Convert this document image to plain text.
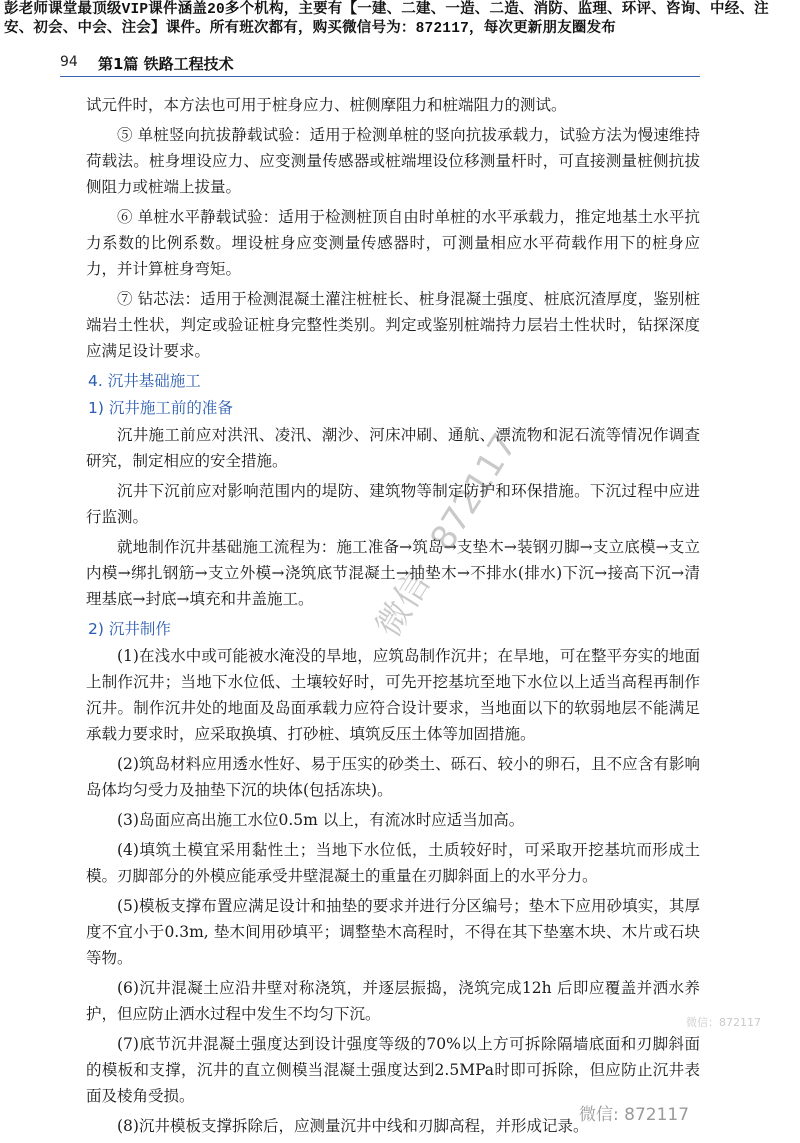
彭老师课堂最顶级VIP课件涵盖20多个机构，主要有【一建、二建、一造、二造、消防、监理、环评、咨询、中经、注安、初会、中会、注会】课件。所有班次都有，购买微信号为：872117，每次更新朋友圈发布
94 第1篇 铁路工程技术

试元件时，本方法也可用于桩身应力、桩侧摩阻力和桩端阻力的测试。

⑤ 单桩竖向抗拔静载试验：适用于检测单桩的竖向抗拔承载力，试验方法为慢速维持荷载法。桩身埋设应力、应变测量传感器或桩端埋设位移测量杆时，可直接测量桩侧抗拔侧阻力或桩端上拔量。

⑥ 单桩水平静载试验：适用于检测桩顶自由时单桩的水平承载力，推定地基土水平抗力系数的比例系数。埋设桩身应变测量传感器时，可测量相应水平荷载作用下的桩身应力，并计算桩身弯矩。

⑦ 钻芯法：适用于检测混凝土灌注桩桩长、桩身混凝土强度、桩底沉渣厚度，鉴别桩端岩土性状，判定或验证桩身完整性类别。判定或鉴别桩端持力层岩土性状时，钻探深度应满足设计要求。

4. 沉井基础施工
1) 沉井施工前的准备

沉井施工前应对洪汛、凌汛、潮沙、河床冲刷、通航、漂流物和泥石流等情况作调查研究，制定相应的安全措施。

沉井下沉前应对影响范围内的堤防、建筑物等制定防护和环保措施。下沉过程中应进行监测。

就地制作沉井基础施工流程为：施工准备→筑岛→支垫木→装钢刃脚→支立底模→支立内模→绑扎钢筋→支立外模→浇筑底节混凝土→抽垫木→不排水(排水)下沉→接高下沉→清理基底→封底→填充和井盖施工。

2) 沉井制作

(1)在浅水中或可能被水淹没的旱地，应筑岛制作沉井；在旱地，可在整平夯实的地面上制作沉井；当地下水位低、土壤较好时，可先开挖基坑至地下水位以上适当高程再制作沉井。制作沉井处的地面及岛面承载力应符合设计要求，当地面以下的软弱地层不能满足承载力要求时，应采取换填、打砂桩、填筑反压土体等加固措施。

(2)筑岛材料应用透水性好、易于压实的砂类土、砾石、较小的卵石，且不应含有影响岛体均匀受力及抽垫下沉的块体(包括冻块)。

(3)岛面应高出施工水位0.5m 以上，有流冰时应适当加高。

(4)填筑土模宜采用黏性土；当地下水位低，土质较好时，可采取开挖基坑而形成土模。刃脚部分的外模应能承受井壁混凝土的重量在刃脚斜面上的水平分力。

(5)模板支撑布置应满足设计和抽垫的要求并进行分区编号；垫木下应用砂填实，其厚度不宜小于0.3m, 垫木间用砂填平；调整垫木高程时，不得在其下垫塞木块、木片或石块等物。

(6)沉井混凝土应沿井壁对称浇筑，并逐层振捣，浇筑完成12h 后即应覆盖并洒水养护，但应防止洒水过程中发生不均匀下沉。

(7)底节沉井混凝土强度达到设计强度等级的70%以上方可拆除隔墙底面和刃脚斜面的模板和支撑，沉井的直立侧模当混凝土强度达到2.5MPa时即可拆除，但应防止沉井表面及棱角受损。

(8)沉井模板支撑拆除后，应测量沉井中线和刃脚高程，并形成记录。

微信：872117
微信：872117
微信: 872117
